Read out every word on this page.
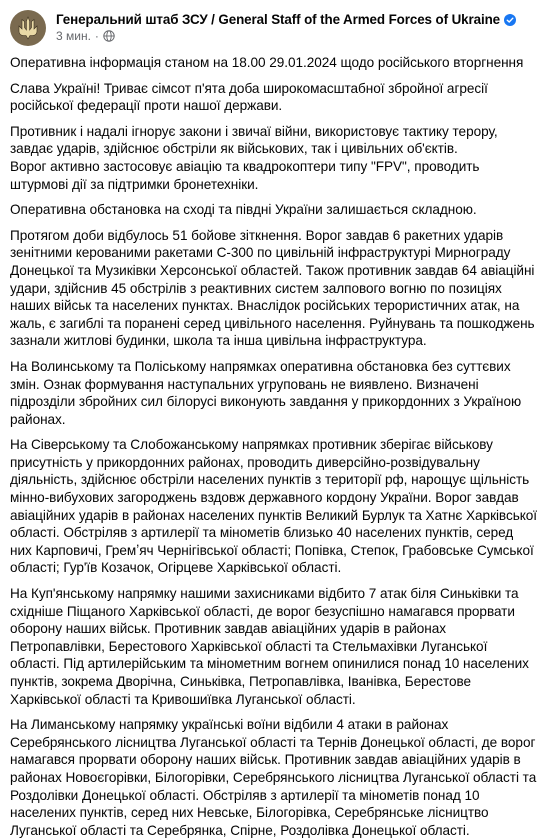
Генеральний штаб ЗСУ / General Staff of the Armed Forces of Ukraine
3 мин. ·

Оперативна інформація станом на 18.00 29.01.2024 щодо російського вторгнення

Слава Україні! Триває сімсот п'ята доба широкомасштабної збройної агресії російської федерації проти нашої держави.

Противник і надалі ігнорує закони і звичаї війни, використовує тактику терору, завдає ударів, здійснює обстріли як військових, так і цивільних об'єктів.

Ворог активно застосовує авіацію та квадрокоптери типу "FPV", проводить штурмові дії за підтримки бронетехніки.

Оперативна обстановка на сході та півдні України залишається складною.

Протягом доби відбулось 51 бойове зіткнення. Ворог завдав 6 ракетних ударів зенітними керованими ракетами С-300 по цивільній інфраструктурі Мирнограду Донецької та Музиківки Херсонської областей. Також противник завдав 64 авіаційні удари, здійснив 45 обстрілів з реактивних систем залпового вогню по позиціях наших військ та населених пунктах. Внаслідок російських терористичних атак, на жаль, є загиблі та поранені серед цивільного населення. Руйнувань та пошкоджень зазнали житлові будинки, школа та інша цивільна інфраструктура.

На Волинському та Поліському напрямках оперативна обстановка без суттєвих змін. Ознак формування наступальних угруповань не виявлено. Визначені підрозділи збройних сил білорусі виконують завдання у прикордонних з Україною районах.

На Сіверському та Слобожанському напрямках противник зберігає військову присутність у прикордонних районах, проводить диверсійно-розвідувальну діяльність, здійснює обстріли населених пунктів з території рф, нарощує щільність мінно-вибухових загороджень вздовж державного кордону України. Ворог завдав авіаційних ударів в районах населених пунктів Великий Бурлук та Хатнє Харківської області. Обстріляв з артилерії та мінометів близько 40 населених пунктів, серед них Карповичі, Гремʼяч Чернігівської області; Попівка, Степок, Грабовське Сумської області; Гур'їв Козачок, Огірцеве Харківської області.

На Куп'янському напрямку нашими захисниками відбито 7 атак біля Синьківки та східніше Піщаного Харківської області, де ворог безуспішно намагався прорвати оборону наших військ. Противник завдав авіаційних ударів в районах Петропавлівки, Берестового Харківської області та Стельмахівки Луганської області. Під артилерійським та мінометним вогнем опинилися понад 10 населених пунктів, зокрема Дворічна, Синьківка, Петропавлівка, Іванівка, Берестове Харківської області та Кривошиївка Луганської області.

На Лиманському напрямку українські воїни відбили 4 атаки в районах Серебрянського лісництва Луганської області та Тернів Донецької області, де ворог намагався прорвати оборону наших військ. Противник завдав авіаційних ударів в районах Новоєгорівки, Білогорівки, Серебрянського лісництва Луганської області та Роздолівки Донецької області. Обстріляв з артилерії та мінометів понад 10 населених пунктів, серед них Невське, Білогорівка, Серебрянське лісництво Луганської області та Серебрянка, Спірне, Роздолівка Донецької області.
